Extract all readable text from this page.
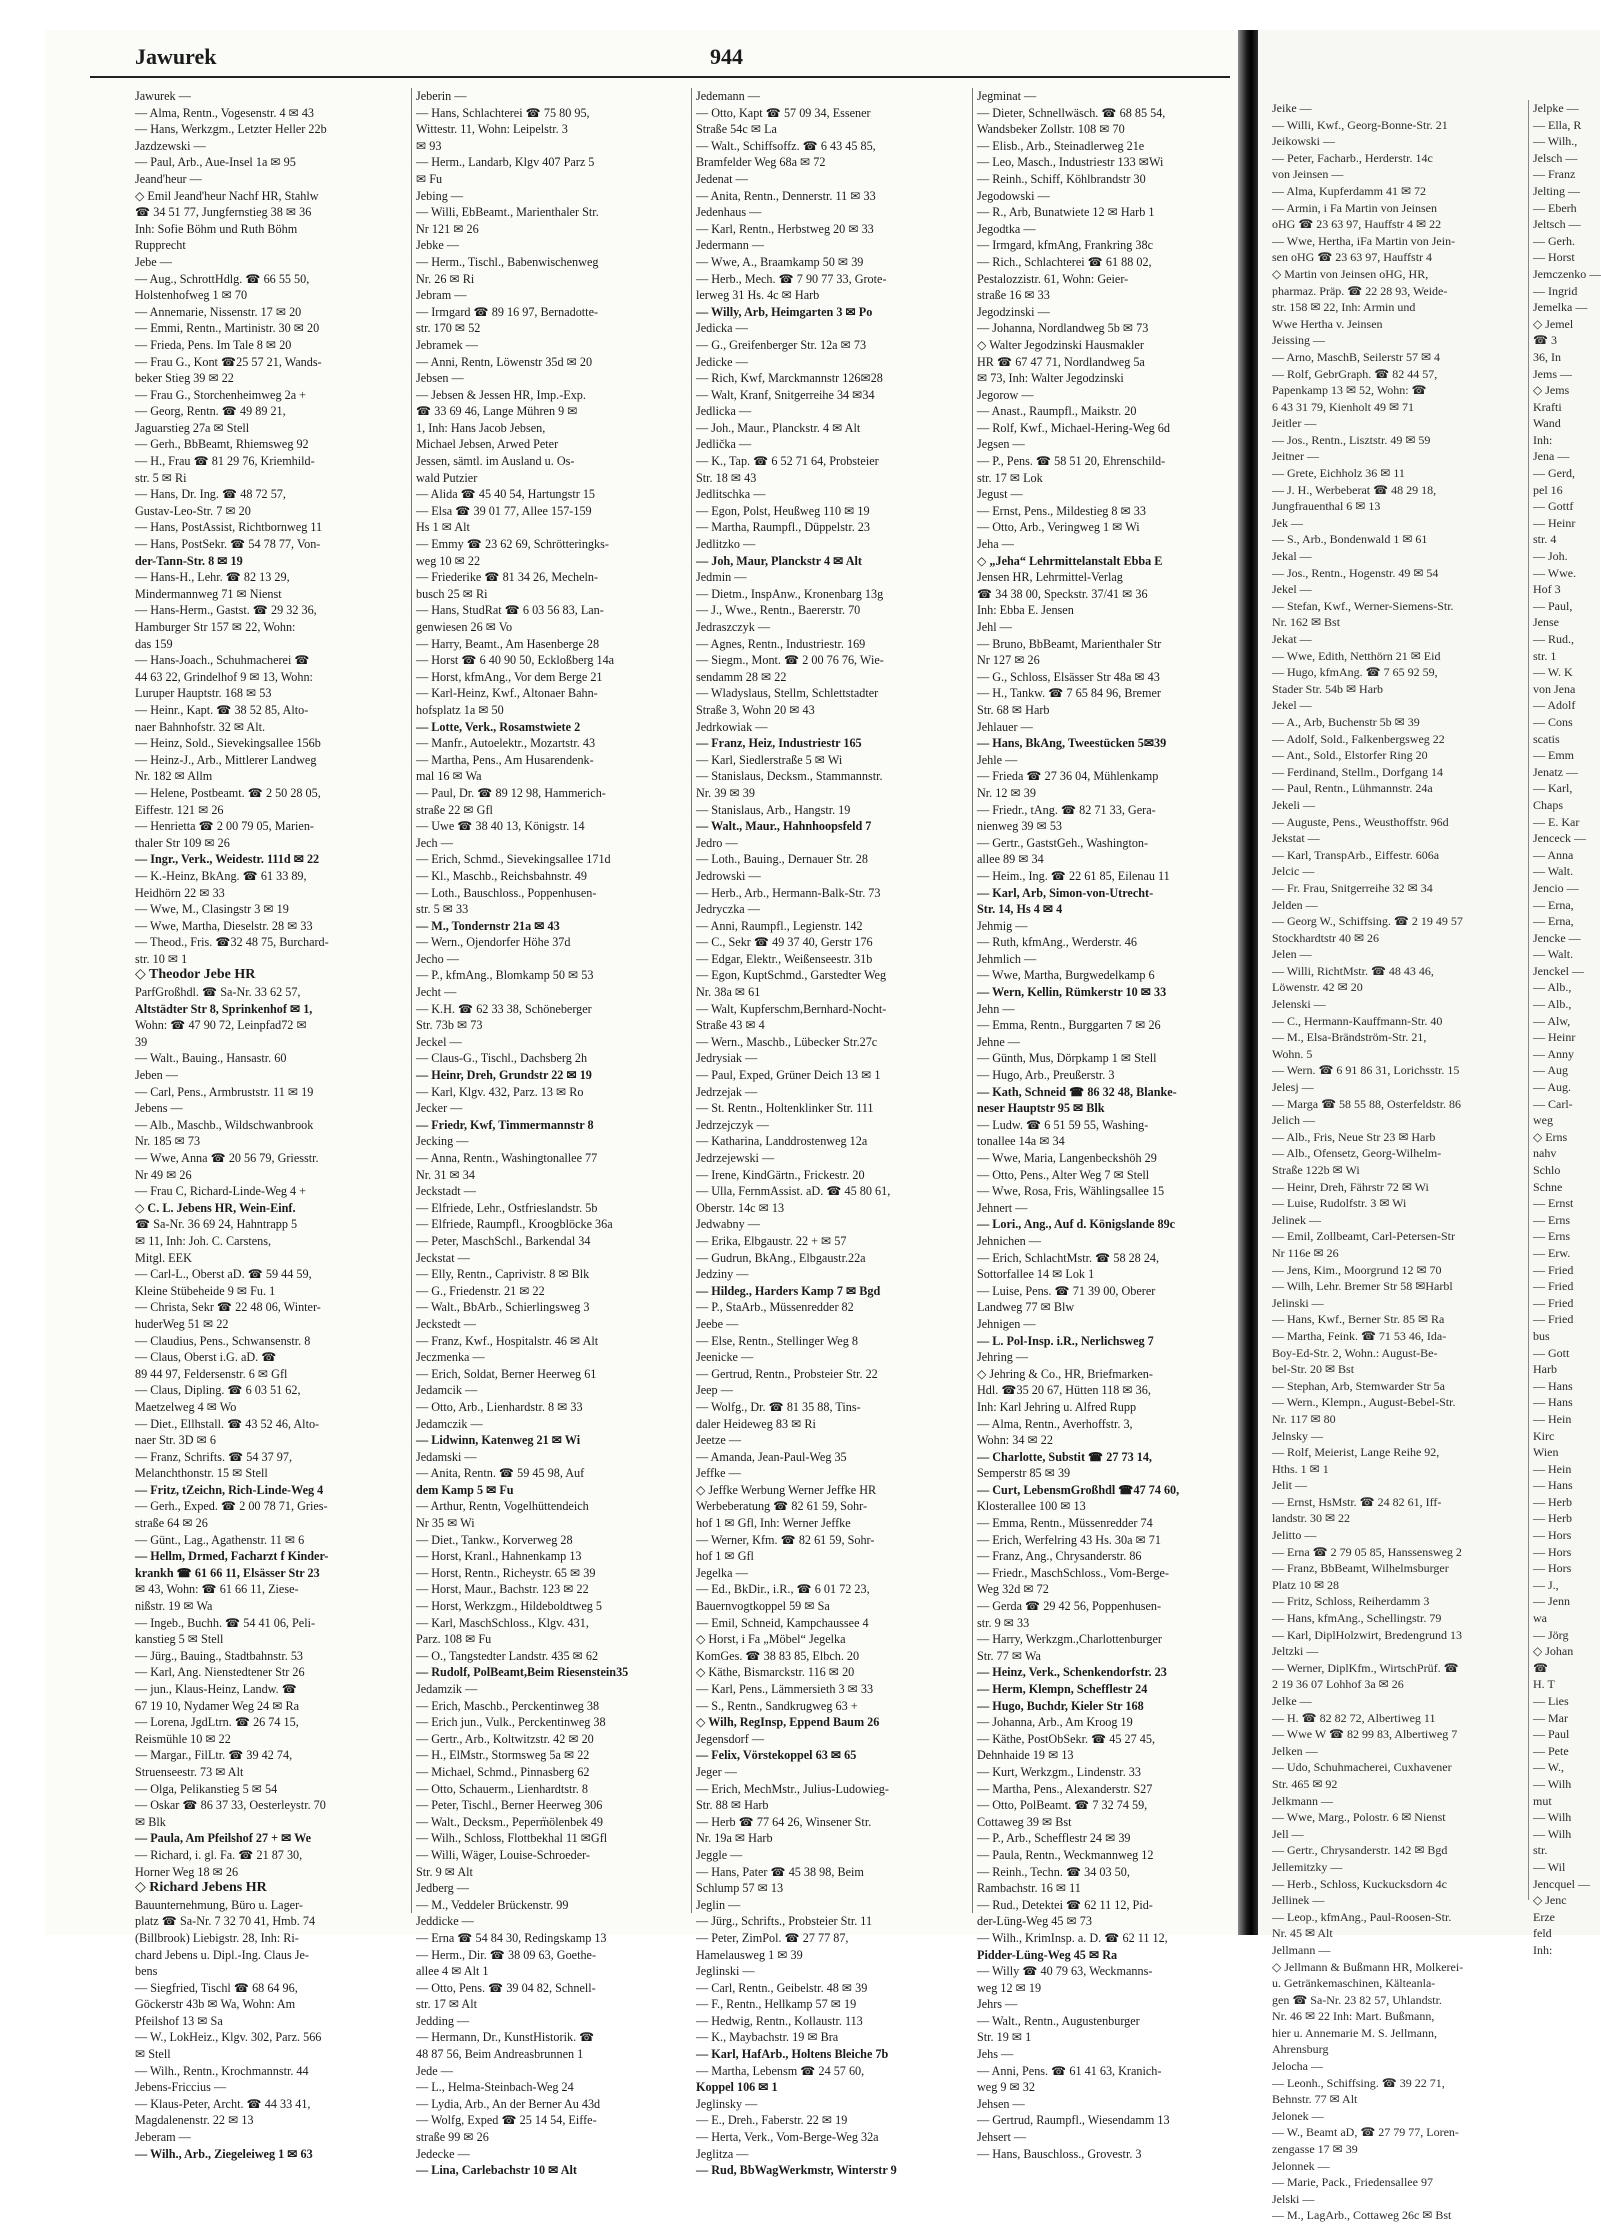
Jawurek	944
Jawurek —
— Alma, Rentn., Vogesenstr. 4 ✉ 43
— Hans, Werkzgm., Letzter Heller 22b
Jazdzewski —
— Paul, Arb., Aue-Insel 1a ✉ 95
Jeand'heur —
◇ Emil Jeand'heur Nachf HR, Stahlw
☎ 34 51 77, Jungfernstieg 38 ✉ 36
Inh: Sofie Böhm und Ruth Böhm
Rupprecht
Jebe —
— Aug., SchrottHdlg. ☎ 66 55 50,
Holstenhofweg 1 ✉ 70
— Annemarie, Nissenstr. 17 ✉ 20
— Emmi, Rentn., Martinistr. 30 ✉ 20
— Frieda, Pens. Im Tale 8 ✉ 20
— Frau G., Kont ☎25 57 21, Wands-
beker Stieg 39 ✉ 22
— Frau G., Storchenheimweg 2a +
— Georg, Rentn. ☎ 49 89 21,
Jaguarstieg 27a ✉ Stell
— Gerh., BbBeamt, Rhiemsweg 92
— H., Frau ☎ 81 29 76, Kriemhild-
str. 5 ✉ Ri
— Hans, Dr. Ing. ☎ 48 72 57,
Gustav-Leo-Str. 7 ✉ 20
— Hans, PostAssist, Richtbornweg 11
— Hans, PostSekr. ☎ 54 78 77, Von-
der-Tann-Str. 8 ✉ 19
— Hans-H., Lehr. ☎ 82 13 29,
Mindermannweg 71 ✉ Nienst
— Hans-Herm., Gastst. ☎ 29 32 36,
Hamburger Str 157 ✉ 22, Wohn:
das 159
— Hans-Joach., Schuhmacherei ☎
44 63 22, Grindelhof 9 ✉ 13, Wohn:
Luruper Hauptstr. 168 ✉ 53
— Heinr., Kapt. ☎ 38 52 85, Alto-
naer Bahnhofstr. 32 ✉ Alt.
— Heinz, Sold., Sievekingsallee 156b
— Heinz-J., Arb., Mittlerer Landweg
Nr. 182 ✉ Allm
— Helene, Postbeamt. ☎ 2 50 28 05,
Eiffestr. 121 ✉ 26
— Henrietta ☎ 2 00 79 05, Marien-
thaler Str 109 ✉ 26
— Ingr., Verk., Weidestr. 111d ✉ 22
— K.-Heinz, BkAng. ☎ 61 33 89,
Heidhörn 22 ✉ 33
— Wwe, M., Clasingstr 3 ✉ 19
— Wwe, Martha, Dieselstr. 28 ✉ 33
— Theod., Fris. ☎32 48 75, Burchard-
str. 10 ✉ 1
◇ Theodor Jebe HR
ParfGroßhdl. ☎ Sa-Nr. 33 62 57,
Altstädter Str 8, Sprinkenhof ✉ 1,
Wohn: ☎ 47 90 72, Leinpfad72 ✉
39
— Walt., Bauing., Hansastr. 60
Jeben —
— Carl, Pens., Armbruststr. 11 ✉ 19
Jebens —
— Alb., Maschb., Wildschwanbrook
Nr. 185 ✉ 73
— Wwe, Anna ☎ 20 56 79, Griesstr.
Nr 49 ✉ 26
— Frau C, Richard-Linde-Weg 4 +
◇ C. L. Jebens HR, Wein-Einf.
☎ Sa-Nr. 36 69 24, Hahntrapp 5
✉ 11, Inh: Joh. C. Carstens,
Mitgl. EEK
— Carl-L., Oberst aD. ☎ 59 44 59,
Kleine Stübeheide 9 ✉ Fu. 1
— Christa, Sekr ☎ 22 48 06, Winter-
huderWeg 51 ✉ 22
— Claudius, Pens., Schwansenstr. 8
— Claus, Oberst i.G. aD. ☎
89 44 97, Feldersenstr. 6 ✉ Gfl
— Claus, Dipling. ☎ 6 03 51 62,
Maetzelweg 4 ✉ Wo
— Diet., Ellhstall. ☎ 43 52 46, Alto-
naer Str. 3D ✉ 6
— Franz, Schrifts. ☎ 54 37 97,
Melanchthonstr. 15 ✉ Stell
— Fritz, tZeichn, Rich-Linde-Weg 4
— Gerh., Exped. ☎ 2 00 78 71, Gries-
straße 64 ✉ 26
— Günt., Lag., Agathenstr. 11 ✉ 6
— Hellm, Drmed, Facharzt f Kinder-
krankh ☎ 61 66 11, Elsässer Str 23
✉ 43, Wohn: ☎ 61 66 11, Ziese-
nißstr. 19 ✉ Wa
— Ingeb., Buchh. ☎ 54 41 06, Peli-
kanstieg 5 ✉ Stell
— Jürg., Bauing., Stadtbahnstr. 53
— Karl, Ang. Nienstedtener Str 26
— jun., Klaus-Heinz, Landw. ☎
67 19 10, Nydamer Weg 24 ✉ Ra
— Lorena, JgdLtrn. ☎ 26 74 15,
Reismühle 10 ✉ 22
— Margar., FilLtr. ☎ 39 42 74,
Struenseestr. 73 ✉ Alt
— Olga, Pelikanstieg 5 ✉ 54
— Oskar ☎ 86 37 33, Oesterleystr. 70
✉ Blk
— Paula, Am Pfeilshof 27 + ✉ We
— Richard, i. gl. Fa. ☎ 21 87 30,
Horner Weg 18 ✉ 26
◇ Richard Jebens HR
Bauunternehmung, Büro u. Lager-
platz ☎ Sa-Nr. 7 32 70 41, Hmb. 74
(Billbrook) Liebigstr. 28, Inh: Ri-
chard Jebens u. Dipl.-Ing. Claus Je-
bens
— Siegfried, Tischl ☎ 68 64 96,
Göckerstr 43b ✉ Wa, Wohn: Am
Pfeilshof 13 ✉ Sa
— W., LokHeiz., Klgv. 302, Parz. 566
✉ Stell
— Wilh., Rentn., Krochmannstr. 44
Jebens-Friccius —
— Klaus-Peter, Archt. ☎ 44 33 41,
Magdalenenstr. 22 ✉ 13
Jeberam —
— Wilh., Arb., Ziegeleiweg 1 ✉ 63
Jeberin —
— Hans, Schlachterei ☎ 75 80 95,
Wittestr. 11, Wohn: Leipelstr. 3
✉ 93
— Herm., Landarb, Klgv 407 Parz 5
✉ Fu
Jebing —
— Willi, EbBeamt., Marienthaler Str.
Nr 121 ✉ 26
Jebke —
— Herm., Tischl., Babenwischenweg
Nr. 26 ✉ Ri
Jebram —
— Irmgard ☎ 89 16 97, Bernadotte-
str. 170 ✉ 52
Jebramek —
— Anni, Rentn, Löwenstr 35d ✉ 20
Jebsen —
— Jebsen & Jessen HR, Imp.-Exp.
☎ 33 69 46, Lange Mühren 9 ✉
1, Inh: Hans Jacob Jebsen,
Michael Jebsen, Arwed Peter
Jessen, sämtl. im Ausland u. Os-
wald Putzier
— Alida ☎ 45 40 54, Hartungstr 15
— Elsa ☎ 39 01 77, Allee 157-159
Hs 1 ✉ Alt
— Emmy ☎ 23 62 69, Schrötteringks-
weg 10 ✉ 22
— Friederike ☎ 81 34 26, Mecheln-
busch 25 ✉ Ri
— Hans, StudRat ☎ 6 03 56 83, Lan-
genwiesen 26 ✉ Vo
— Harry, Beamt., Am Hasenberge 28
— Horst ☎ 6 40 90 50, Eckloßberg 14a
— Horst, kfmAng., Vor dem Berge 21
— Karl-Heinz, Kwf., Altonaer Bahn-
hofsplatz 1a ✉ 50
— Lotte, Verk., Rosamstwiete 2
— Manfr., Autoelektr., Mozartstr. 43
— Martha, Pens., Am Husarendenk-
mal 16 ✉ Wa
— Paul, Dr. ☎ 89 12 98, Hammerich-
straße 22 ✉ Gfl
— Uwe ☎ 38 40 13, Königstr. 14
Jech —
— Erich, Schmd., Sievekingsallee 171d
— Kl., Maschb., Reichsbahnstr. 49
— Loth., Bauschloss., Poppenhusen-
str. 5 ✉ 33
— M., Tondernstr 21a ✉ 43
— Wern., Ojendorfer Höhe 37d
Jecho —
— P., kfmAng., Blomkamp 50 ✉ 53
Jecht —
— K.H. ☎ 62 33 38, Schöneberger
Str. 73b ✉ 73
Jeckel —
— Claus-G., Tischl., Dachsberg 2h
— Heinr, Dreh, Grundstr 22 ✉ 19
— Karl, Klgv. 432, Parz. 13 ✉ Ro
Jecker —
— Friedr, Kwf, Timmermannstr 8
Jecking —
— Anna, Rentn., Washingtonallee 77
Nr. 31 ✉ 34
Jeckstadt —
— Elfriede, Lehr., Ostfrieslandstr. 5b
— Elfriede, Raumpfl., Kroogblöcke 36a
— Peter, MaschSchl., Barkendal 34
Jeckstat —
— Elly, Rentn., Caprivistr. 8 ✉ Blk
— G., Friedenstr. 21 ✉ 22
— Walt., BbArb., Schierlingsweg 3
Jeckstedt —
— Franz, Kwf., Hospitalstr. 46 ✉ Alt
Jeczmenka —
— Erich, Soldat, Berner Heerweg 61
Jedamcik —
— Otto, Arb., Lienhardstr. 8 ✉ 33
Jedamczik —
— Lidwinn, Katenweg 21 ✉ Wi
Jedamski —
— Anita, Rentn. ☎ 59 45 98, Auf
dem Kamp 5 ✉ Fu
— Arthur, Rentn, Vogelhüttendeich
Nr 35 ✉ Wi
— Diet., Tankw., Korverweg 28
— Horst, Kranl., Hahnenkamp 13
— Horst, Rentn., Richeystr. 65 ✉ 39
— Horst, Maur., Bachstr. 123 ✉ 22
— Horst, Werkzgm., Hildeboldtweg 5
— Karl, MaschSchloss., Klgv. 431,
Parz. 108 ✉ Fu
— O., Tangstedter Landstr. 435 ✉ 62
— Rudolf, PolBeamt,Beim Riesenstein35
Jedamzik —
— Erich, Maschb., Perckentinweg 38
— Erich jun., Vulk., Perckentinweg 38
— Gertr., Arb., Koltwitzstr. 42 ✉ 20
— H., ElMstr., Stormsweg 5a ✉ 22
— Michael, Schmd., Pinnasberg 62
— Otto, Schauerm., Lienhardtstr. 8
— Peter, Tischl., Berner Heerweg 306
— Walt., Decksm., Peperm̈ölenbek 49
— Wilh., Schloss, Flottbekhal 11 ✉Gfl
— Willi, Wäger, Louise-Schroeder-
Str. 9 ✉ Alt
Jedberg —
— M., Veddeler Brückenstr. 99
Jeddicke —
— Erna ☎ 54 84 30, Redingskamp 13
— Herm., Dir. ☎ 38 09 63, Goethe-
allee 4 ✉ Alt 1
— Otto, Pens. ☎ 39 04 82, Schnell-
str. 17 ✉ Alt
Jedding —
— Hermann, Dr., KunstHistorik. ☎
48 87 56, Beim Andreasbrunnen 1
Jede —
— L., Helma-Steinbach-Weg 24
— Lydia, Arb., An der Berner Au 43d
— Wolfg, Exped ☎ 25 14 54, Eiffe-
straße 99 ✉ 26
Jedecke —
— Lina, Carlebachstr 10 ✉ Alt
Jedemann —
— Otto, Kapt ☎ 57 09 34, Essener
Straße 54c ✉ La
— Walt., Schiffsoffz. ☎ 6 43 45 85,
Bramfelder Weg 68a ✉ 72
Jedenat —
— Anita, Rentn., Dennerstr. 11 ✉ 33
Jedenhaus —
— Karl, Rentn., Herbstweg 20 ✉ 33
Jedermann —
— Wwe, A., Braamkamp 50 ✉ 39
— Herb., Mech. ☎ 7 90 77 33, Grote-
lerweg 31 Hs. 4c ✉ Harb
— Willy, Arb, Heimgarten 3 ✉ Po
Jedicka —
— G., Greifenberger Str. 12a ✉ 73
Jedicke —
— Rich, Kwf, Marckmannstr 126✉28
— Walt, Kranf, Snitgerreihe 34 ✉34
Jedlicka —
— Joh., Maur., Planckstr. 4 ✉ Alt
Jedlička —
— K., Tap. ☎ 6 52 71 64, Probsteier
Str. 18 ✉ 43
Jedlitschka —
— Egon, Polst, Heußweg 110 ✉ 19
— Martha, Raumpfl., Düppelstr. 23
Jedlitzko —
— Joh, Maur, Planckstr 4 ✉ Alt
Jedmin —
— Dietm., InspAnw., Kronenbarg 13g
— J., Wwe., Rentn., Baererstr. 70
Jedraszczyk —
— Agnes, Rentn., Industriestr. 169
— Siegm., Mont. ☎ 2 00 76 76, Wie-
sendamm 28 ✉ 22
— Wladyslaus, Stellm, Schlettstadter
Straße 3, Wohn 20 ✉ 43
Jedrkowiak —
— Franz, Heiz, Industriestr 165
— Karl, Siedlerstraße 5 ✉ Wi
— Stanislaus, Decksm., Stammannstr.
Nr. 39 ✉ 39
— Stanislaus, Arb., Hangstr. 19
— Walt., Maur., Hahnhoopsfeld 7
Jedro —
— Loth., Bauing., Dernauer Str. 28
Jedrowski —
— Herb., Arb., Hermann-Balk-Str. 73
Jedryczka —
— Anni, Raumpfl., Legienstr. 142
— C., Sekr ☎ 49 37 40, Gerstr 176
— Edgar, Elektr., Weißenseestr. 31b
— Egon, KuptSchmd., Garstedter Weg
Nr. 38a ✉ 61
— Walt, Kupferschm,Bernhard-Nocht-
Straße 43 ✉ 4
— Wern., Maschb., Lübecker Str.27c
Jedrysiak —
— Paul, Exped, Grüner Deich 13 ✉ 1
Jedrzejak —
— St. Rentn., Holtenklinker Str. 111
Jedrzejczyk —
— Katharina, Landdrostenweg 12a
Jedrzejewski —
— Irene, KindGärtn., Frickestr. 20
— Ulla, FernmAssist. aD. ☎ 45 80 61,
Oberstr. 14c ✉ 13
Jedwabny —
— Erika, Elbgaustr. 22 + ✉ 57
— Gudrun, BkAng., Elbgaustr.22a
Jedziny —
— Hildeg., Harders Kamp 7 ✉ Bgd
— P., StaArb., Müssenredder 82
Jeebe —
— Else, Rentn., Stellinger Weg 8
Jeenicke —
— Gertrud, Rentn., Probsteier Str. 22
Jeep —
— Wolfg., Dr. ☎ 81 35 88, Tins-
daler Heideweg 83 ✉ Ri
Jeetze —
— Amanda, Jean-Paul-Weg 35
Jeffke —
◇ Jeffke Werbung Werner Jeffke HR
Werbeberatung ☎ 82 61 59, Sohr-
hof 1 ✉ Gfl, Inh: Werner Jeffke
— Werner, Kfm. ☎ 82 61 59, Sohr-
hof 1 ✉ Gfl
Jegelka —
— Ed., BkDir., i.R., ☎ 6 01 72 23,
Bauernvogtkoppel 59 ✉ Sa
— Emil, Schneid, Kampchaussee 4
◇ Horst, i Fa „Möbel“ Jegelka
KomGes. ☎ 38 83 85, Elbch. 20
◇ Käthe, Bismarckstr. 116 ✉ 20
— Karl, Pens., Lämmersieth 3 ✉ 33
— S., Rentn., Sandkrugweg 63 +
◇ Wilh, RegInsp, Eppend Baum 26
Jegensdorf —
— Felix, Vörstekoppel 63 ✉ 65
Jeger —
— Erich, MechMstr., Julius-Ludowieg-
Str. 88 ✉ Harb
— Herb ☎ 77 64 26, Winsener Str.
Nr. 19a ✉ Harb
Jeggle —
— Hans, Pater ☎ 45 38 98, Beim
Schlump 57 ✉ 13
Jeglin —
— Jürg., Schrifts., Probsteier Str. 11
— Peter, ZimPol. ☎ 27 77 87,
Hamelausweg 1 ✉ 39
Jeglinski —
— Carl, Rentn., Geibelstr. 48 ✉ 39
— F., Rentn., Hellkamp 57 ✉ 19
— Hedwig, Rentn., Kollaustr. 113
— K., Maybachstr. 19 ✉ Bra
— Karl, HafArb., Holtens Bleiche 7b
— Martha, Lebensm ☎ 24 57 60,
Koppel 106 ✉ 1
Jeglinsky —
— E., Dreh., Faberstr. 22 ✉ 19
— Herta, Verk., Vom-Berge-Weg 32a
Jeglitza —
— Rud, BbWagWerkmstr, Winterstr 9
Jegminat —
— Dieter, Schnellwäsch. ☎ 68 85 54,
Wandsbeker Zollstr. 108 ✉ 70
— Elisb., Arb., Steinadlerweg 21e
— Leo, Masch., Industriestr 133 ✉Wi
— Reinh., Schiff, Köhlbrandstr 30
Jegodowski —
— R., Arb, Bunatwiete 12 ✉ Harb 1
Jegodtka —
— Irmgard, kfmAng, Frankring 38c
— Rich., Schlachterei ☎ 61 88 02,
Pestalozzistr. 61, Wohn: Geier-
straße 16 ✉ 33
Jegodzinski —
— Johanna, Nordlandweg 5b ✉ 73
◇ Walter Jegodzinski Hausmakler
HR ☎ 67 47 71, Nordlandweg 5a
✉ 73, Inh: Walter Jegodzinski
Jegorow —
— Anast., Raumpfl., Maikstr. 20
— Rolf, Kwf., Michael-Hering-Weg 6d
Jegsen —
— P., Pens. ☎ 58 51 20, Ehrenschild-
str. 17 ✉ Lok
Jegust —
— Ernst, Pens., Mildestieg 8 ✉ 33
— Otto, Arb., Veringweg 1 ✉ Wi
Jeha —
◇ „Jeha“ Lehrmittelanstalt Ebba E
Jensen HR, Lehrmittel-Verlag
☎ 34 38 00, Speckstr. 37/41 ✉ 36
Inh: Ebba E. Jensen
Jehl —
— Bruno, BbBeamt, Marienthaler Str
Nr 127 ✉ 26
— G., Schloss, Elsässer Str 48a ✉ 43
— H., Tankw. ☎ 7 65 84 96, Bremer
Str. 68 ✉ Harb
Jehlauer —
— Hans, BkAng, Tweestücken 5✉39
Jehle —
— Frieda ☎ 27 36 04, Mühlenkamp
Nr. 12 ✉ 39
— Friedr., tAng. ☎ 82 71 33, Gera-
nienweg 39 ✉ 53
— Gertr., GaststGeh., Washington-
allee 89 ✉ 34
— Heim., Ing. ☎ 22 61 85, Eilenau 11
— Karl, Arb, Simon-von-Utrecht-
Str. 14, Hs 4 ✉ 4
Jehmig —
— Ruth, kfmAng., Werderstr. 46
Jehmlich —
— Wwe, Martha, Burgwedelkamp 6
— Wern, Kellin, Rümkerstr 10 ✉ 33
Jehn —
— Emma, Rentn., Burggarten 7 ✉ 26
Jehne —
— Günth, Mus, Dörpkamp 1 ✉ Stell
— Hugo, Arb., Preußerstr. 3
— Kath, Schneid ☎ 86 32 48, Blanke-
neser Hauptstr 95 ✉ Blk
— Ludw. ☎ 6 51 59 55, Washing-
tonallee 14a ✉ 34
— Wwe, Maria, Langenbeckshöh 29
— Otto, Pens., Alter Weg 7 ✉ Stell
— Wwe, Rosa, Fris, Wählingsallee 15
Jehnert —
— Lori., Ang., Auf d. Königslande 89c
Jehnichen —
— Erich, SchlachtMstr. ☎ 58 28 24,
Sottorfallee 14 ✉ Lok 1
— Luise, Pens. ☎ 71 39 00, Oberer
Landweg 77 ✉ Blw
Jehnigen —
— L. Pol-Insp. i.R., Nerlichsweg 7
Jehring —
◇ Jehring & Co., HR, Briefmarken-
Hdl. ☎35 20 67, Hütten 118 ✉ 36,
Inh: Karl Jehring u. Alfred Rupp
— Alma, Rentn., Averhoffstr. 3,
Wohn: 34 ✉ 22
— Charlotte, Substit ☎ 27 73 14,
Semperstr 85 ✉ 39
— Curt, LebensmGroßhdl ☎47 74 60,
Klosterallee 100 ✉ 13
— Emma, Rentn., Müssenredder 74
— Erich, Werfelring 43 Hs. 30a ✉ 71
— Franz, Ang., Chrysanderstr. 86
— Friedr., MaschSchloss., Vom-Berge-
Weg 32d ✉ 72
— Gerda ☎ 29 42 56, Poppenhusen-
str. 9 ✉ 33
— Harry, Werkzgm.,Charlottenburger
Str. 77 ✉ Wa
— Heinz, Verk., Schenkendorfstr. 23
— Herm, Klempn, Schefflestr 24
— Hugo, Buchdr, Kieler Str 168
— Johanna, Arb., Am Kroog 19
— Käthe, PostObSekr. ☎ 45 27 45,
Dehnhaide 19 ✉ 13
— Kurt, Werkzgm., Lindenstr. 33
— Martha, Pens., Alexanderstr. S27
— Otto, PolBeamt. ☎ 7 32 74 59,
Cottaweg 39 ✉ Bst
— P., Arb., Schefflestr 24 ✉ 39
— Paula, Rentn., Weckmannweg 12
— Reinh., Techn. ☎ 34 03 50,
Rambachstr. 16 ✉ 11
— Rud., Detektei ☎ 62 11 12, Pid-
der-Lüng-Weg 45 ✉ 73
— Wilh., KrimInsp. a. D. ☎ 62 11 12,
Pidder-Lüng-Weg 45 ✉ Ra
— Willy ☎ 40 79 63, Weckmanns-
weg 12 ✉ 19
Jehrs —
— Walt., Rentn., Augustenburger
Str. 19 ✉ 1
Jehs —
— Anni, Pens. ☎ 61 41 63, Kranich-
weg 9 ✉ 32
Jehsen —
— Gertrud, Raumpfl., Wiesendamm 13
Jehsert —
— Hans, Bauschloss., Grovestr. 3
Jeike —
— Willi, Kwf., Georg-Bonne-Str. 21
Jeikowski —
— Peter, Facharb., Herderstr. 14c
von Jeinsen —
— Alma, Kupferdamm 41 ✉ 72
— Armin, i Fa Martin von Jeinsen
oHG ☎ 23 63 97, Hauffstr 4 ✉ 22
— Wwe, Hertha, iFa Martin von Jein-
sen oHG ☎ 23 63 97, Hauffstr 4
◇ Martin von Jeinsen oHG, HR,
pharmaz. Präp. ☎ 22 28 93, Weide-
str. 158 ✉ 22, Inh: Armin und
Wwe Hertha v. Jeinsen
Jeissing —
— Arno, MaschB, Seilerstr 57 ✉ 4
— Rolf, GebrGraph. ☎ 82 44 57,
Papenkamp 13 ✉ 52, Wohn: ☎
6 43 31 79, Kienholt 49 ✉ 71
Jeitler —
— Jos., Rentn., Lisztstr. 49 ✉ 59
Jeitner —
— Grete, Eichholz 36 ✉ 11
— J. H., Werbeberat ☎ 48 29 18,
Jungfrauenthal 6 ✉ 13
Jek —
— S., Arb., Bondenwald 1 ✉ 61
Jekal —
— Jos., Rentn., Hogenstr. 49 ✉ 54
Jekel —
— Stefan, Kwf., Werner-Siemens-Str.
Nr. 162 ✉ Bst
Jekat —
— Wwe, Edith, Netthörn 21 ✉ Eid
— Hugo, kfmAng. ☎ 7 65 92 59,
Stader Str. 54b ✉ Harb
Jekel —
— A., Arb, Buchenstr 5b ✉ 39
— Adolf, Sold., Falkenbergsweg 22
— Ant., Sold., Elstorfer Ring 20
— Ferdinand, Stellm., Dorfgang 14
— Paul, Rentn., Lühmannstr. 24a
Jekeli —
— Auguste, Pens., Weusthoffstr. 96d
Jekstat —
— Karl, TranspArb., Eiffestr. 606a
Jelcic —
— Fr. Frau, Snitgerreihe 32 ✉ 34
Jelden —
— Georg W., Schiffsing. ☎ 2 19 49 57
Stockhardtstr 40 ✉ 26
Jelen —
— Willi, RichtMstr. ☎ 48 43 46,
Löwenstr. 42 ✉ 20
Jelenski —
— C., Hermann-Kauffmann-Str. 40
— M., Elsa-Brändström-Str. 21,
Wohn. 5
— Wern. ☎ 6 91 86 31, Lorichsstr. 15
Jelesj —
— Marga ☎ 58 55 88, Osterfeldstr. 86
Jelich —
— Alb., Fris, Neue Str 23 ✉ Harb
— Alb., Ofensetz, Georg-Wilhelm-
Straße 122b ✉ Wi
— Heinr, Dreh, Fährstr 72 ✉ Wi
— Luise, Rudolfstr. 3 ✉ Wi
Jelinek —
— Emil, Zollbeamt, Carl-Petersen-Str
Nr 116e ✉ 26
— Jens, Kim., Moorgrund 12 ✉ 70
— Wilh, Lehr. Bremer Str 58 ✉Harbl
Jelinski —
— Hans, Kwf., Berner Str. 85 ✉ Ra
— Martha, Feink. ☎ 71 53 46, Ida-
Boy-Ed-Str. 2, Wohn.: August-Be-
bel-Str. 20 ✉ Bst
— Stephan, Arb, Stemwarder Str 5a
— Wern., Klempn., August-Bebel-Str.
Nr. 117 ✉ 80
Jelnsky —
— Rolf, Meierist, Lange Reihe 92,
Hths. 1 ✉ 1
Jelit —
— Ernst, HsMstr. ☎ 24 82 61, Iff-
landstr. 30 ✉ 22
Jelitto —
— Erna ☎ 2 79 05 85, Hanssensweg 2
— Franz, BbBeamt, Wilhelmsburger
Platz 10 ✉ 28
— Fritz, Schloss, Reiherdamm 3
— Hans, kfmAng., Schellingstr. 79
— Karl, DiplHolzwirt, Bredengrund 13
Jeltzki —
— Werner, DiplKfm., WirtschPrüf. ☎
2 19 36 07 Lohhof 3a ✉ 26
Jelke —
— H. ☎ 82 82 72, Albertiweg 11
— Wwe W ☎ 82 99 83, Albertiweg 7
Jelken —
— Udo, Schuhmacherei, Cuxhavener
Str. 465 ✉ 92
Jelkmann —
— Wwe, Marg., Polostr. 6 ✉ Nienst
Jell —
— Gertr., Chrysanderstr. 142 ✉ Bgd
Jellemitzky —
— Herb., Schloss, Kuckucksdorn 4c
Jellinek —
— Leop., kfmAng., Paul-Roosen-Str.
Nr. 45 ✉ Alt
Jellmann —
◇ Jellmann & Bußmann HR, Molkerei-
u. Getränkemaschinen, Kälteanla-
gen ☎ Sa-Nr. 23 82 57, Uhlandstr.
Nr. 46 ✉ 22 Inh: Mart. Bußmann,
hier u. Annemarie M. S. Jellmann,
Ahrensburg
Jelocha —
— Leonh., Schiffsing. ☎ 39 22 71,
Behnstr. 77 ✉ Alt
Jelonek —
— W., Beamt aD, ☎ 27 79 77, Loren-
zengasse 17 ✉ 39
Jelonnek —
— Marie, Pack., Friedensallee 97
Jelski —
— M., LagArb., Cottaweg 26c ✉ Bst
Jelpke —
— Ella, R
— Wilh.,
Jelsch —
— Franz
Jelting —
— Eberh
Jeltsch —
— Gerh.
— Horst
Jemczenko —
— Ingrid
Jemelka —
◇ Jemel
☎ 3
36, In
Jems —
◇ Jems
Krafti
Wand
Inh:
Jena —
— Gerd,
pel 16
— Gottf
— Heinr
str. 4
— Joh.
— Wwe.
Hof 3
— Paul,
Jense
— Rud.,
str. 1
— W. K
von Jena
— Adolf
— Cons
scatis
— Emm
Jenatz —
— Karl,
Chaps
— E. Kar
Jenceck —
— Anna
— Walt.
Jencio —
— Erna,
— Erna,
Jencke —
— Walt.
Jenckel —
— Alb.,
— Alb.,
— Alw,
— Heinr
— Anny
— Aug
— Aug.
— Carl-
weg
◇ Erns
nahv
Schlo
Schne
— Ernst
— Erns
— Erns
— Erw.
— Fried
— Fried
— Fried
— Fried
bus
— Gott
Harb
— Hans
— Hans
— Hein
Kirc
Wien
— Hein
— Hans
— Herb
— Herb
— Hors
— Hors
— Hors
— J.,
— Jenn
wa
— Jörg
◇ Johan
☎
H. T
— Lies
— Mar
— Paul
— Pete
— W.,
— Wilh
mut
— Wilh
— Wilh
str.
— Wil
Jencquel —
◇ Jenc
Erze
feld
Inh:
